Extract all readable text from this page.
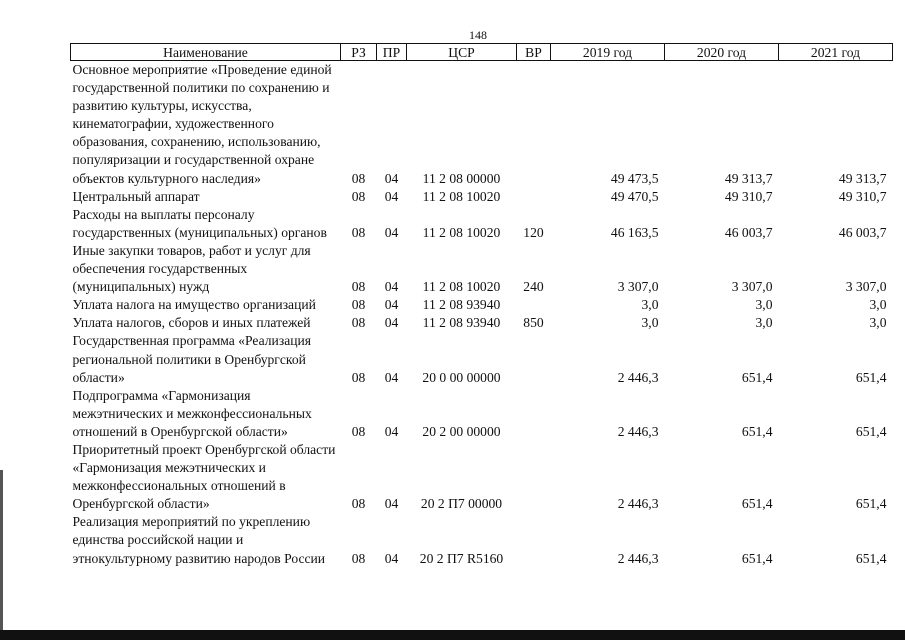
148
Наименование	РЗ	ПР	ЦСР	ВР	2019 год	2020 год	2021 год
Основное мероприятие «Проведение единой государственной политики по сохранению и развитию культуры, искусства, кинематографии, художественного образования, сохранению, использованию, популяризации и государственной охране объектов культурного наследия»	08	04	11 2 08 00000		49 473,5	49 313,7	49 313,7
Центральный аппарат	08	04	11 2 08 10020		49 470,5	49 310,7	49 310,7
Расходы на выплаты персоналу государственных (муниципальных) органов	08	04	11 2 08 10020	120	46 163,5	46 003,7	46 003,7
Иные закупки товаров, работ и услуг для обеспечения государственных (муниципальных) нужд	08	04	11 2 08 10020	240	3 307,0	3 307,0	3 307,0
Уплата налога на имущество организаций	08	04	11 2 08 93940		3,0	3,0	3,0
Уплата налогов, сборов и иных платежей	08	04	11 2 08 93940	850	3,0	3,0	3,0
Государственная программа «Реализация региональной политики в Оренбургской области»	08	04	20 0 00 00000		2 446,3	651,4	651,4
Подпрограмма «Гармонизация межэтнических и межконфессиональных отношений в Оренбургской области»	08	04	20 2 00 00000		2 446,3	651,4	651,4
Приоритетный проект Оренбургской области «Гармонизация межэтнических и межконфессиональных отношений в Оренбургской области»	08	04	20 2 П7 00000		2 446,3	651,4	651,4
Реализация мероприятий по укреплению единства российской нации и этнокультурному развитию народов России	08	04	20 2 П7 R5160		2 446,3	651,4	651,4
